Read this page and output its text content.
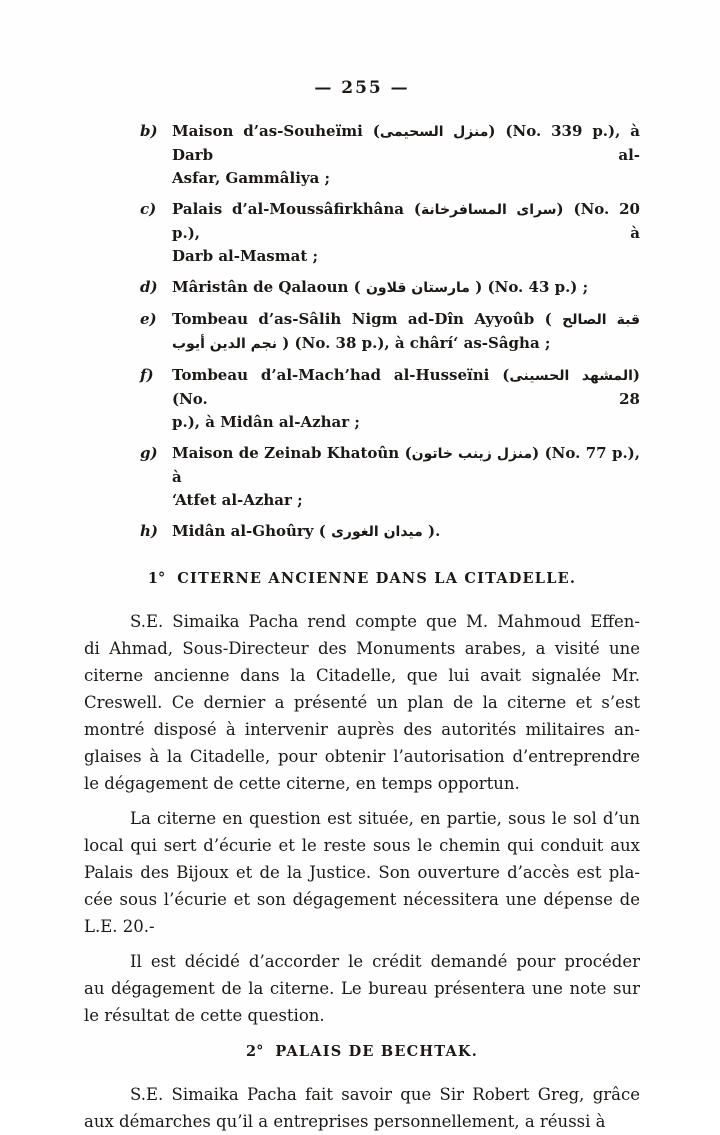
— 255 —
b) Maison d’as-Souheïmi (منزل السحيمى) (No. 339 p.), à Darb al-
Asfar, Gammâliya ;
c)	Palais d’al-Moussâfirkhâna (سراى المسافرخانة) (No. 20 p.), à
Darb al-Masmat ;
d) Mâristân de Qalaoun ( مارستان قلاون ) (No. 43 p.) ;
e)	Tombeau d’as-Sâlih Nigm ad-Dîn Ayyoûb ( قبة الصالح
نجم الدين أيوب ) (No. 38 p.), à chârí‘ as-Sâgha ;
f)	Tombeau d’al-Mach’had al-Husseïni (المشهد الحسينى) (No. 28
p.), à Midân al-Azhar ;
g) Maison de Zeinab Khatoûn (منزل زينب خاتون) (No. 77 p.), à
‘Atfet al-Azhar ;
h) Midân al-Ghoûry ( ميدان الغورى ).
1° CITERNE ANCIENNE DANS LA CITADELLE.
S.E. Simaika Pacha rend compte que M. Mahmoud Effen-
di Ahmad, Sous-Directeur des Monuments arabes, a visité une
citerne ancienne dans la Citadelle, que lui avait signalée Mr.
Creswell. Ce dernier a présenté un plan de la citerne et s’est
montré disposé à intervenir auprès des autorités militaires an-
glaises à la Citadelle, pour obtenir l’autorisation d’entreprendre
le dégagement de cette citerne, en temps opportun.
La citerne en question est située, en partie, sous le sol d’un
local qui sert d’écurie et le reste sous le chemin qui conduit aux
Palais des Bijoux et de la Justice. Son ouverture d’accès est pla-
cée sous l’écurie et son dégagement nécessitera une dépense de
L.E. 20.-
Il est décidé d’accorder le crédit demandé pour procéder
au dégagement de la citerne. Le bureau présentera une note sur
le résultat de cette question.
2° PALAIS DE BECHTAK.
S.E. Simaika Pacha fait savoir que Sir Robert Greg, grâce
aux démarches qu’il a entreprises personnellement, a réussi à
